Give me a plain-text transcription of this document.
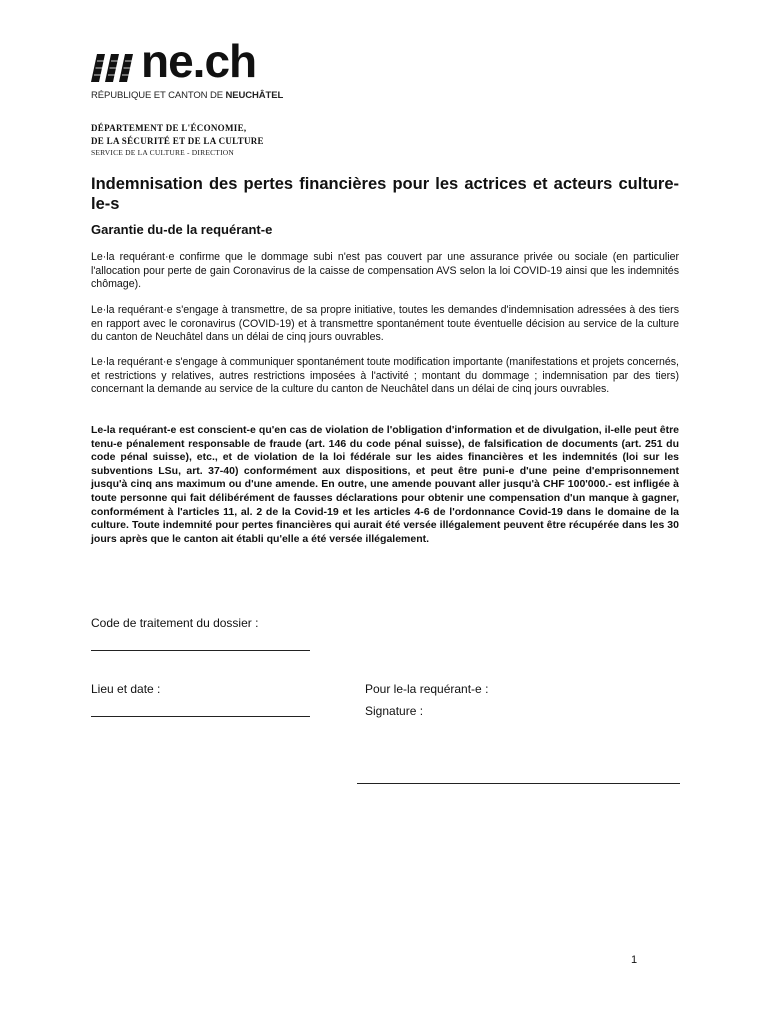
ne.ch
RÉPUBLIQUE ET CANTON DE NEUCHÂTEL
DÉPARTEMENT DE L'ÉCONOMIE,
DE LA SÉCURITÉ ET DE LA CULTURE
SERVICE DE LA CULTURE - DIRECTION
Indemnisation des pertes financières pour les actrices et acteurs culture-le-s
Garantie du-de la requérant-e

Le·la requérant·e confirme que le dommage subi n'est pas couvert par une assurance privée ou sociale (en particulier l'allocation pour perte de gain Coronavirus de la caisse de compensation AVS selon la loi COVID-19 ainsi que les indemnités chômage).

Le·la requérant·e s'engage à transmettre, de sa propre initiative, toutes les demandes d'indemnisation adressées à des tiers en rapport avec le coronavirus (COVID-19) et à transmettre spontanément toute éventuelle décision au service de la culture du canton de Neuchâtel dans un délai de cinq jours ouvrables.

Le·la requérant·e s'engage à communiquer spontanément toute modification importante (manifestations et projets concernés, et restrictions y relatives, autres restrictions imposées à l'activité ; montant du dommage ; indemnisation par des tiers) concernant la demande au service de la culture du canton de Neuchâtel dans un délai de cinq jours ouvrables.

Le-la requérant-e est conscient-e qu'en cas de violation de l'obligation d'information et de divulgation, il-elle peut être tenu-e pénalement responsable de fraude (art. 146 du code pénal suisse), de falsification de documents (art. 251 du code pénal suisse), etc., et de violation de la loi fédérale sur les aides financières et les indemnités (loi sur les subventions LSu, art. 37-40) conformément aux dispositions, et peut être puni-e d'une peine d'emprisonnement jusqu'à cinq ans maximum ou d'une amende. En outre, une amende pouvant aller jusqu'à CHF 100'000.- est infligée à toute personne qui fait délibérément de fausses déclarations pour obtenir une compensation d'un manque à gagner, conformément à l'articles 11, al. 2 de la Covid-19 et les articles 4-6 de l'ordonnance Covid-19 dans le domaine de la culture. Toute indemnité pour pertes financières qui aurait été versée illégalement peuvent être récupérée dans les 30 jours après que le canton ait établi qu'elle a été versée illégalement.

Code de traitement du dossier :
Lieu et date :	Pour le-la requérant-e :
Signature :
1
